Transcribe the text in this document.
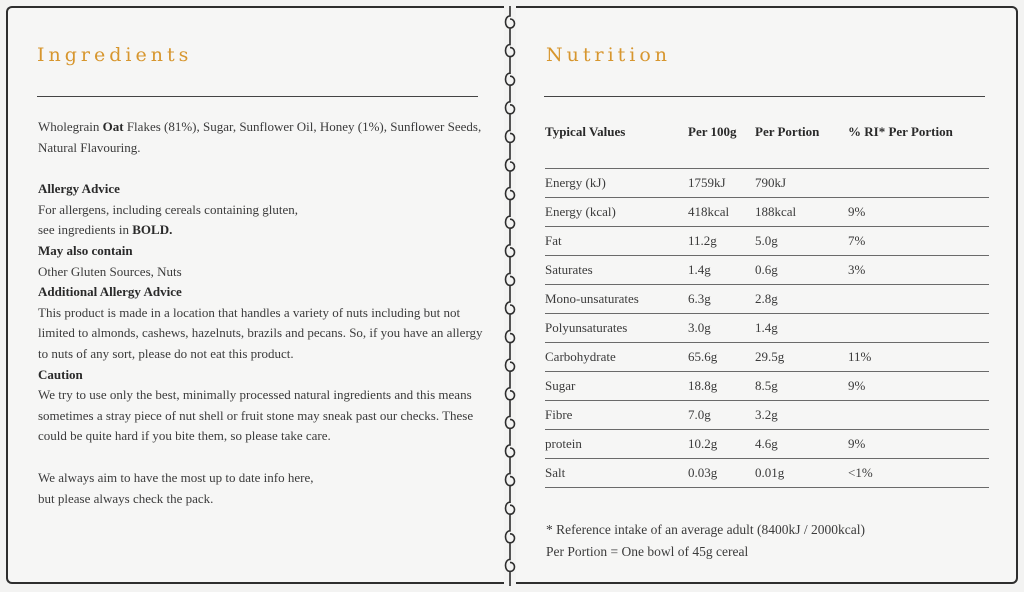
Ingredients

Wholegrain Oat Flakes (81%), Sugar, Sunflower Oil, Honey (1%), Sunflower Seeds, Natural Flavouring.

Allergy Advice

For allergens, including cereals containing gluten,

see ingredients in BOLD.

May also contain

Other Gluten Sources, Nuts

Additional Allergy Advice

This product is made in a location that handles a variety of nuts including but not limited to almonds, cashews, hazelnuts, brazils and pecans. So, if you have an allergy to nuts of any sort, please do not eat this product.

Caution

We try to use only the best, minimally processed natural ingredients and this means sometimes a stray piece of nut shell or fruit stone may sneak past our checks. These could be quite hard if you bite them, so please take care.

We always aim to have the most up to date info here,

but please always check the pack.

Nutrition
Typical Values	Per 100g	Per Portion	% RI* Per Portion
Energy (kJ)	1759kJ	790kJ	
Energy (kcal)	418kcal	188kcal	9%
Fat	11.2g	5.0g	7%
Saturates	1.4g	0.6g	3%
Mono-unsaturates	6.3g	2.8g	
Polyunsaturates	3.0g	1.4g	
Carbohydrate	65.6g	29.5g	11%
Sugar	18.8g	8.5g	9%
Fibre	7.0g	3.2g	
protein	10.2g	4.6g	9%
Salt	0.03g	0.01g	<1%

* Reference intake of an average adult (8400kJ / 2000kcal)

Per Portion = One bowl of 45g cereal
